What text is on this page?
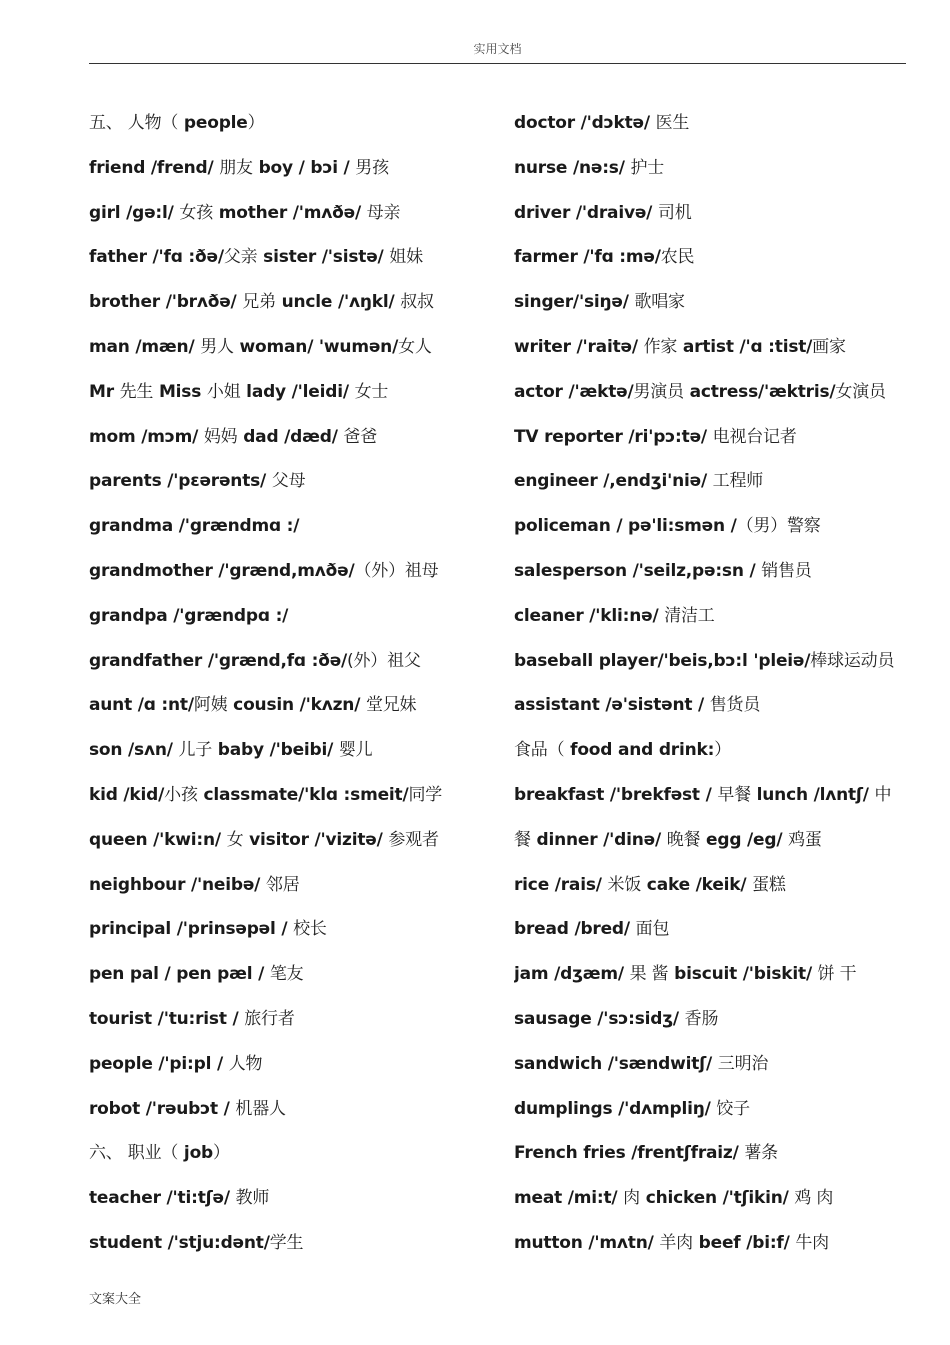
实用文档
五、 人物（ people）
friend /frend/ 朋友 boy / bɔi / 男孩
girl /gə:l/ 女孩 mother /'mʌðə/ 母亲
father /'fɑ :ðə/父亲 sister /'sistə/ 姐妹
brother /'brʌðə/ 兄弟 uncle /'ʌŋkl/ 叔叔
man /mæn/ 男人 woman/ 'wumən/女人
Mr 先生 Miss 小姐 lady /'leidi/ 女士
mom /mɔm/ 妈妈 dad /dæd/ 爸爸
parents /'pɛərənts/ 父母
grandma /'grændmɑ :/
grandmother /'grænd,mʌðə/（外）祖母
grandpa /'grændpɑ :/
grandfather /'grænd,fɑ :ðə/(外）祖父
aunt /ɑ :nt/阿姨 cousin /'kʌzn/ 堂兄妹
son /sʌn/ 儿子 baby /'beibi/ 婴儿
kid /kid/小孩 classmate/'klɑ :smeit/同学
queen /'kwi:n/ 女 visitor /'vizitə/ 参观者
neighbour /'neibə/ 邻居
principal /'prinsəpəl / 校长
pen pal / pen pæl / 笔友
tourist /'tu:rist / 旅行者
people /'pi:pl / 人物
robot /'rəubɔt / 机器人
六、 职业（ job）
teacher /'ti:tʃə/ 教师
student /'stju:dənt/学生
doctor /'dɔktə/ 医生
nurse /nə:s/ 护士
driver /'draivə/ 司机
farmer /'fɑ :mə/农民
singer/'siŋə/ 歌唱家
writer /'raitə/ 作家 artist /'ɑ :tist/画家
actor /'æktə/男演员 actress/'æktris/女演员
TV reporter /ri'pɔ:tə/ 电视台记者
engineer /,endʒi'niə/ 工程师
policeman / pə'li:smən /（男）警察
salesperson /'seilz,pə:sn / 销售员
cleaner /'kli:nə/ 清洁工
baseball player/'beis,bɔ:l 'pleiə/棒球运动员
assistant /ə'sistənt / 售货员
食品（ food and drink:）
breakfast /'brekfəst / 早餐 lunch /lʌntʃ/ 中
餐 dinner /'dinə/ 晚餐 egg /eg/ 鸡蛋
rice /rais/ 米饭 cake /keik/ 蛋糕
bread /bred/ 面包
jam /dʒæm/ 果 酱 biscuit /'biskit/ 饼 干
sausage /'sɔ:sidʒ/ 香肠
sandwich /'sændwitʃ/ 三明治
dumplings /'dʌmpliŋ/ 饺子
French fries /frentʃfraiz/ 薯条
meat /mi:t/ 肉 chicken /'tʃikin/ 鸡 肉
mutton /'mʌtn/ 羊肉 beef /bi:f/ 牛肉
文案大全
